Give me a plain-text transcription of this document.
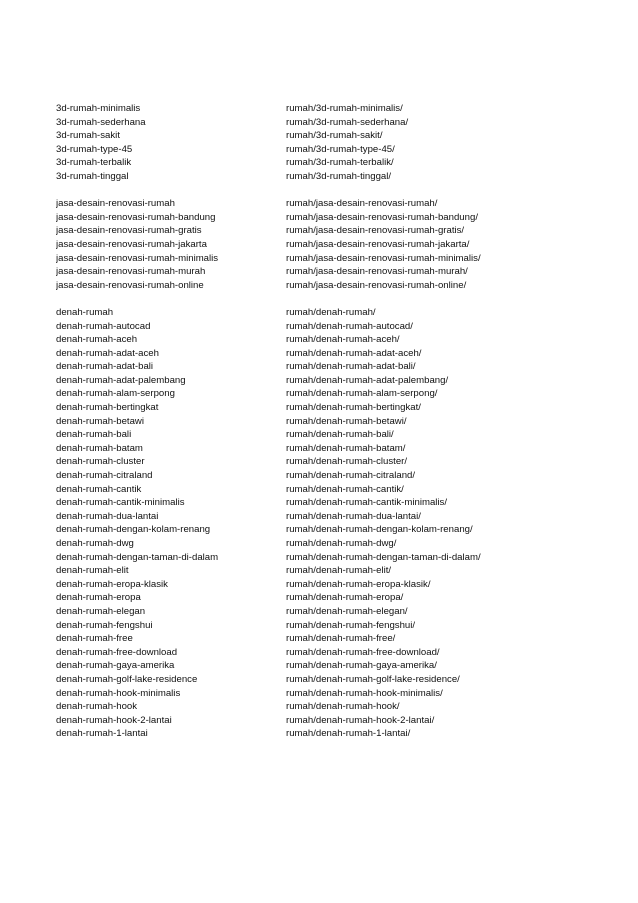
3d-rumah-minimalis	rumah/3d-rumah-minimalis/
3d-rumah-sederhana	rumah/3d-rumah-sederhana/
3d-rumah-sakit	rumah/3d-rumah-sakit/
3d-rumah-type-45	rumah/3d-rumah-type-45/
3d-rumah-terbalik	rumah/3d-rumah-terbalik/
3d-rumah-tinggal	rumah/3d-rumah-tinggal/
jasa-desain-renovasi-rumah	rumah/jasa-desain-renovasi-rumah/
jasa-desain-renovasi-rumah-bandung	rumah/jasa-desain-renovasi-rumah-bandung/
jasa-desain-renovasi-rumah-gratis	rumah/jasa-desain-renovasi-rumah-gratis/
jasa-desain-renovasi-rumah-jakarta	rumah/jasa-desain-renovasi-rumah-jakarta/
jasa-desain-renovasi-rumah-minimalis	rumah/jasa-desain-renovasi-rumah-minimalis/
jasa-desain-renovasi-rumah-murah	rumah/jasa-desain-renovasi-rumah-murah/
jasa-desain-renovasi-rumah-online	rumah/jasa-desain-renovasi-rumah-online/
denah-rumah	rumah/denah-rumah/
denah-rumah-autocad	rumah/denah-rumah-autocad/
denah-rumah-aceh	rumah/denah-rumah-aceh/
denah-rumah-adat-aceh	rumah/denah-rumah-adat-aceh/
denah-rumah-adat-bali	rumah/denah-rumah-adat-bali/
denah-rumah-adat-palembang	rumah/denah-rumah-adat-palembang/
denah-rumah-alam-serpong	rumah/denah-rumah-alam-serpong/
denah-rumah-bertingkat	rumah/denah-rumah-bertingkat/
denah-rumah-betawi	rumah/denah-rumah-betawi/
denah-rumah-bali	rumah/denah-rumah-bali/
denah-rumah-batam	rumah/denah-rumah-batam/
denah-rumah-cluster	rumah/denah-rumah-cluster/
denah-rumah-citraland	rumah/denah-rumah-citraland/
denah-rumah-cantik	rumah/denah-rumah-cantik/
denah-rumah-cantik-minimalis	rumah/denah-rumah-cantik-minimalis/
denah-rumah-dua-lantai	rumah/denah-rumah-dua-lantai/
denah-rumah-dengan-kolam-renang	rumah/denah-rumah-dengan-kolam-renang/
denah-rumah-dwg	rumah/denah-rumah-dwg/
denah-rumah-dengan-taman-di-dalam	rumah/denah-rumah-dengan-taman-di-dalam/
denah-rumah-elit	rumah/denah-rumah-elit/
denah-rumah-eropa-klasik	rumah/denah-rumah-eropa-klasik/
denah-rumah-eropa	rumah/denah-rumah-eropa/
denah-rumah-elegan	rumah/denah-rumah-elegan/
denah-rumah-fengshui	rumah/denah-rumah-fengshui/
denah-rumah-free	rumah/denah-rumah-free/
denah-rumah-free-download	rumah/denah-rumah-free-download/
denah-rumah-gaya-amerika	rumah/denah-rumah-gaya-amerika/
denah-rumah-golf-lake-residence	rumah/denah-rumah-golf-lake-residence/
denah-rumah-hook-minimalis	rumah/denah-rumah-hook-minimalis/
denah-rumah-hook	rumah/denah-rumah-hook/
denah-rumah-hook-2-lantai	rumah/denah-rumah-hook-2-lantai/
denah-rumah-1-lantai	rumah/denah-rumah-1-lantai/
